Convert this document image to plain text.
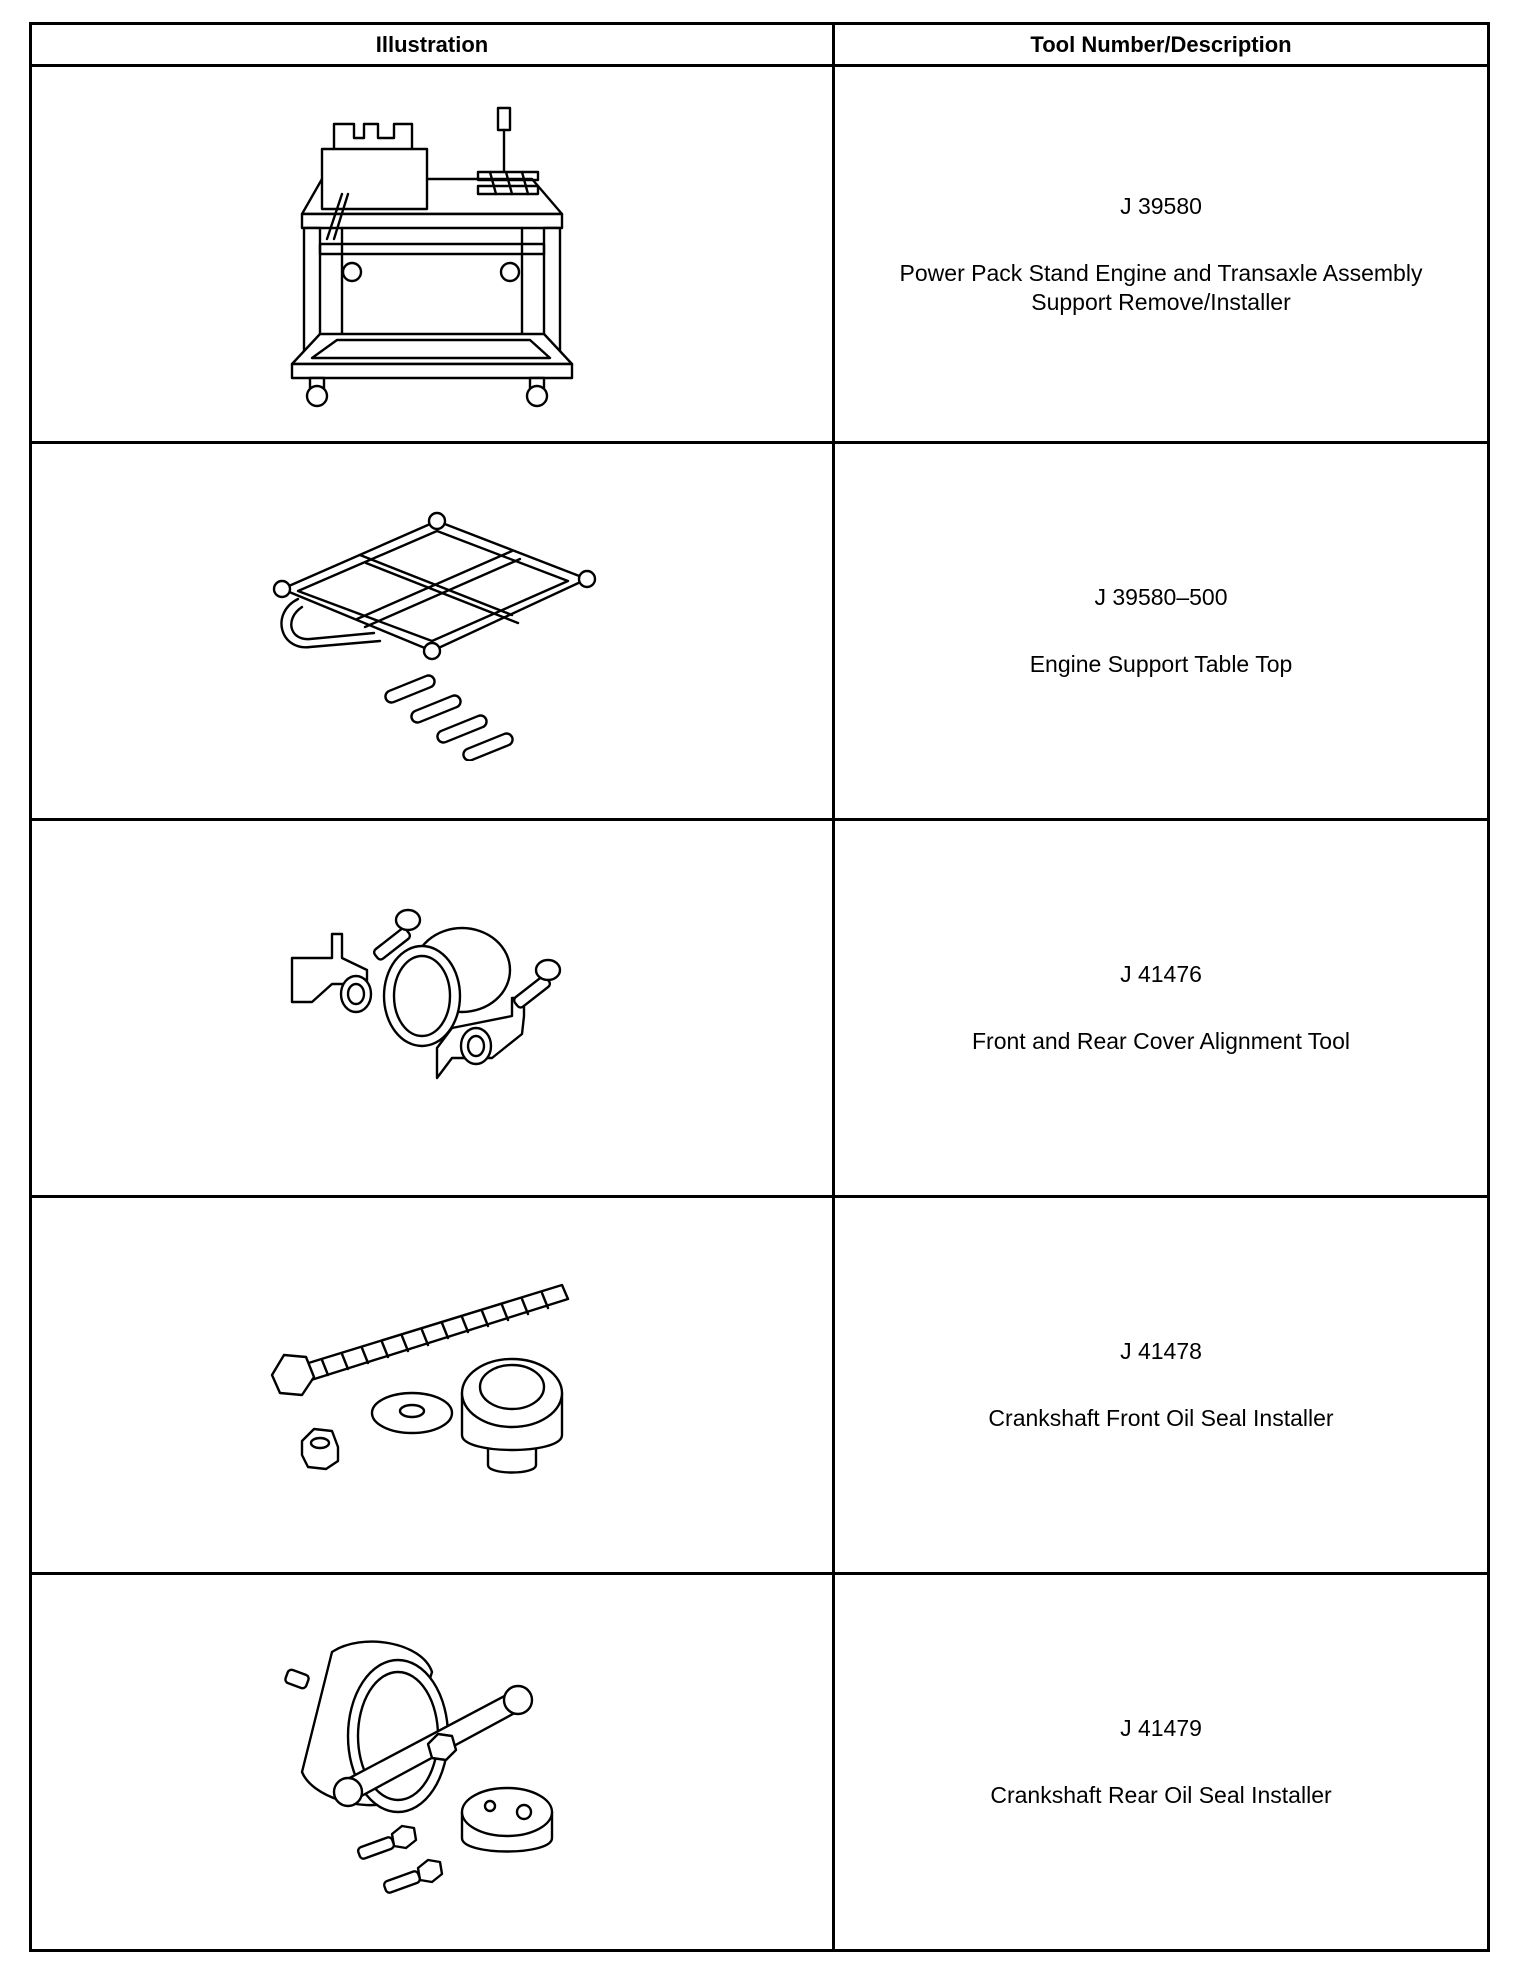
Illustration	Tool Number/Description

J 39580
Power Pack Stand Engine and Transaxle Assembly Support Remove/Installer

J 39580–500
Engine Support Table Top

J 41476
Front and Rear Cover Alignment Tool

J 41478
Crankshaft Front Oil Seal Installer

J 41479
Crankshaft Rear Oil Seal Installer
